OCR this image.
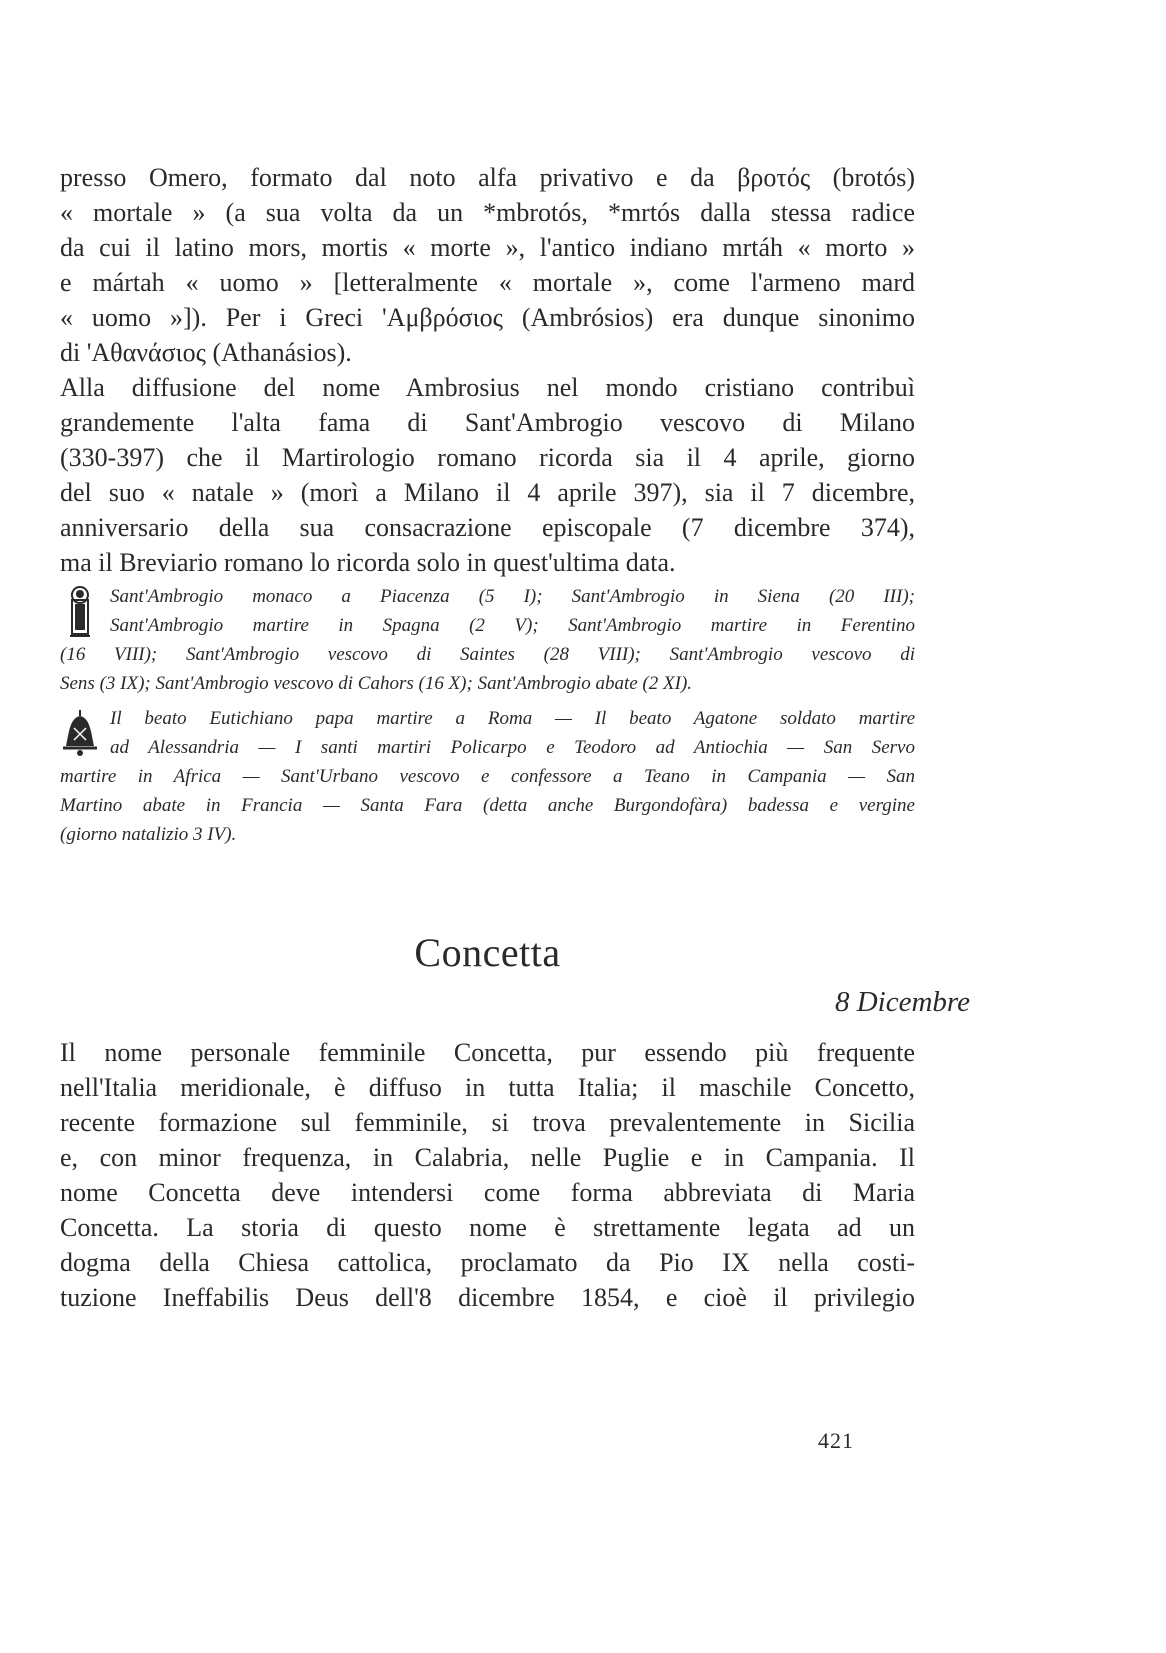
presso Omero, formato dal noto alfa privativo e da βροτός (brotós)
« mortale » (a sua volta da un *mbrotós, *mrtós dalla stessa radice
da cui il latino mors, mortis « morte », l'antico indiano mrtáh « morto »
e mártah « uomo » [letteralmente « mortale », come l'armeno mard
« uomo »]). Per i Greci 'Αμβρόσιος (Ambrósios) era dunque sinonimo
di 'Αθανάσιος (Athanásios).
Alla diffusione del nome Ambrosius nel mondo cristiano contribuì
grandemente l'alta fama di Sant'Ambrogio vescovo di Milano
(330-397) che il Martirologio romano ricorda sia il 4 aprile, giorno
del suo « natale » (morì a Milano il 4 aprile 397), sia il 7 dicembre,
anniversario della sua consacrazione episcopale (7 dicembre 374),
ma il Breviario romano lo ricorda solo in quest'ultima data.
Sant'Ambrogio monaco a Piacenza (5 I); Sant'Ambrogio in Siena (20 III);
Sant'Ambrogio martire in Spagna (2 V); Sant'Ambrogio martire in Ferentino
(16 VIII); Sant'Ambrogio vescovo di Saintes (28 VIII); Sant'Ambrogio vescovo di
Sens (3 IX); Sant'Ambrogio vescovo di Cahors (16 X); Sant'Ambrogio abate (2 XI).
Il beato Eutichiano papa martire a Roma — Il beato Agatone soldato martire
ad Alessandria — I santi martiri Policarpo e Teodoro ad Antiochia — San Servo
martire in Africa — Sant'Urbano vescovo e confessore a Teano in Campania — San
Martino abate in Francia — Santa Fara (detta anche Burgondofàra) badessa e vergine
(giorno natalizio 3 IV).
Concetta
8 Dicembre
Il nome personale femminile Concetta, pur essendo più frequente
nell'Italia meridionale, è diffuso in tutta Italia; il maschile Concetto,
recente formazione sul femminile, si trova prevalentemente in Sicilia
e, con minor frequenza, in Calabria, nelle Puglie e in Campania. Il
nome Concetta deve intendersi come forma abbreviata di Maria
Concetta. La storia di questo nome è strettamente legata ad un
dogma della Chiesa cattolica, proclamato da Pio IX nella costi-
tuzione Ineffabilis Deus dell'8 dicembre 1854, e cioè il privilegio
421
